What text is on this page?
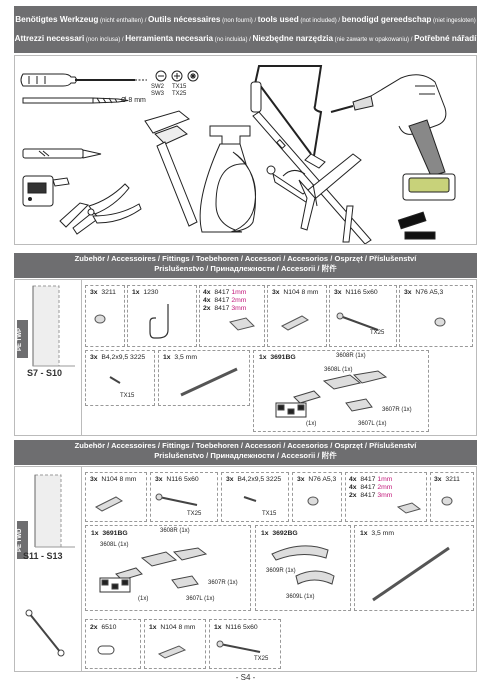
Benötigtes Werkzeug (nicht enthalten) / Outils nécessaires (non fourni) / tools used (not included) / benodigd gereedschap (niet ingesloten)
Attrezzi necessari (non inclusa) / Herramienta necesaria (no incluida) / Niezbędne narzędzia (nie zawarte w opakowaniu) / Potřebné nářadí
Ø 8 mm
SW2 TX15
SW3 TX25
Zubehör / Accessoires / Fittings / Toebehoren / Accessori / Accesorios / Osprzęt / Příslušenství
Prislušenstvo / Принадлежности / Accesorii / 附件
PE TWP
S7 - S10
3x 3211 1x 1230	4x 8417 1mm
4x 8417 2mm
2x 8417 3mm
3x N104 8 mm 3x N116 5x60
TX25
3x N76 A5,3
3x B4,2x9,5 3225
TX15
1x 3,5 mm	1x 3691BG	3608R (1x)
3608L (1x)
3607R (1x)
3607L (1x)
(1x)
Zubehör / Accessoires / Fittings / Toebehoren / Accessori / Accesorios / Osprzęt / Příslušenství
Prislušenstvo / Принадлежности / Accesorii / 附件
PE TWD
S11 - S13
3x N104 8 mm	3x N116 5x60
TX25
3x B4,2x9,5 3225
TX15
3x N76 A5,3 4x 8417 1mm
4x 8417 2mm
2x 8417 3mm
3x 3211
1x 3691BG	3608R (1x)
3608L (1x)
3607R (1x)
3607L (1x)
(1x)
1x 3692BG
3609R (1x)
3609L (1x)
1x 3,5 mm
2x 6510	1x N104 8 mm	1x N116 5x60
TX25
- S4 -
